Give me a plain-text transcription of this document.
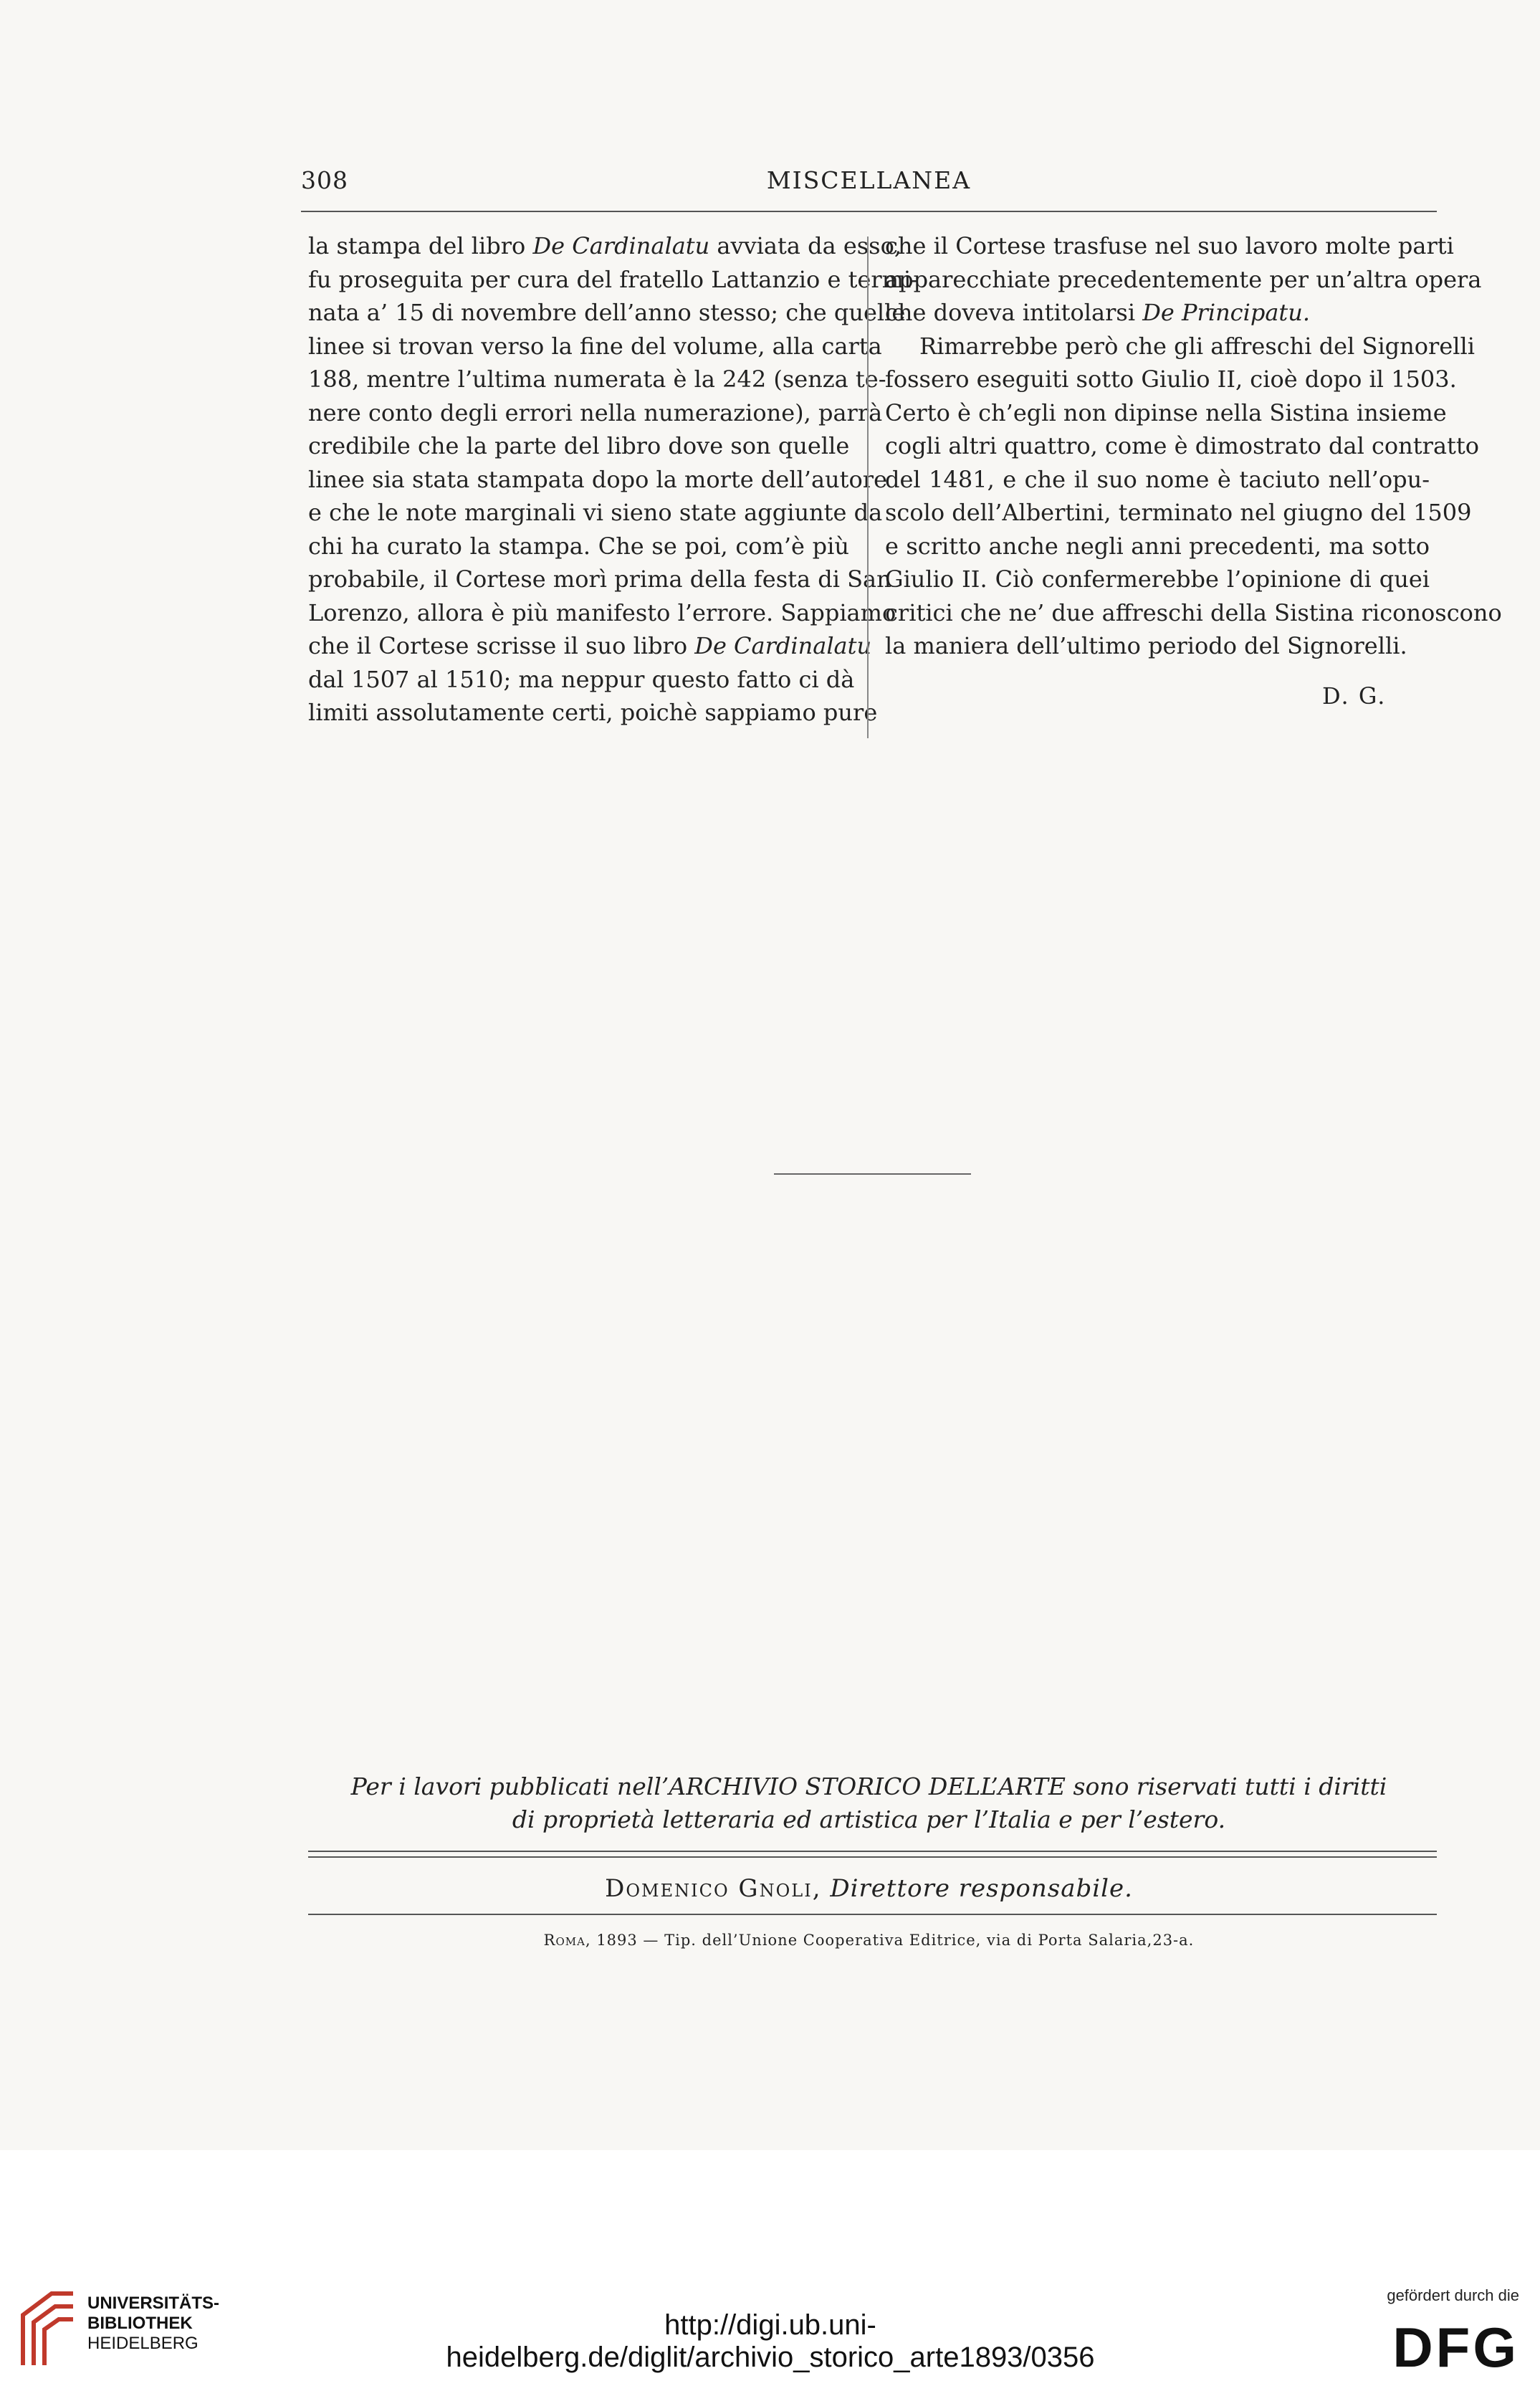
308	MISCELLANEA
la stampa del libro De Cardinalatu avviata da esso,
fu proseguita per cura del fratello Lattanzio e termi-
nata a’ 15 di novembre dell’anno stesso; che quelle
linee si trovan verso la fine del volume, alla carta
188, mentre l’ultima numerata è la 242 (senza te-
nere conto degli errori nella numerazione), parrà
credibile che la parte del libro dove son quelle
linee sia stata stampata dopo la morte dell’autore
e che le note marginali vi sieno state aggiunte da
chi ha curato la stampa. Che se poi, com’è più
probabile, il Cortese morì prima della festa di San
Lorenzo, allora è più manifesto l’errore. Sappiamo
che il Cortese scrisse il suo libro De Cardinalatu
dal 1507 al 1510; ma neppur questo fatto ci dà
limiti assolutamente certi, poichè sappiamo pure
che il Cortese trasfuse nel suo lavoro molte parti
apparecchiate precedentemente per un’altra opera
che doveva intitolarsi De Principatu.
Rimarrebbe però che gli affreschi del Signorelli
fossero eseguiti sotto Giulio II, cioè dopo il 1503.
Certo è ch’egli non dipinse nella Sistina insieme
cogli altri quattro, come è dimostrato dal contratto
del 1481, e che il suo nome è taciuto nell’opu-
scolo dell’Albertini, terminato nel giugno del 1509
e scritto anche negli anni precedenti, ma sotto
Giulio II. Ciò confermerebbe l’opinione di quei
critici che ne’ due affreschi della Sistina riconoscono
la maniera dell’ultimo periodo del Signorelli.
D. G.
Per i lavori pubblicati nell’ARCHIVIO STORICO DELL’ARTE sono riservati tutti i diritti
di proprietà letteraria ed artistica per l’Italia e per l’estero.
Domenico Gnoli, Direttore responsabile.
Roma, 1893 — Tip. dell’Unione Cooperativa Editrice, via di Porta Salaria,23-a.
UNIVERSITÄTS-
BIBLIOTHEK
HEIDELBERG
http://digi.ub.uni-heidelberg.de/diglit/archivio_storico_arte1893/0356
gefördert durch die
DFG
